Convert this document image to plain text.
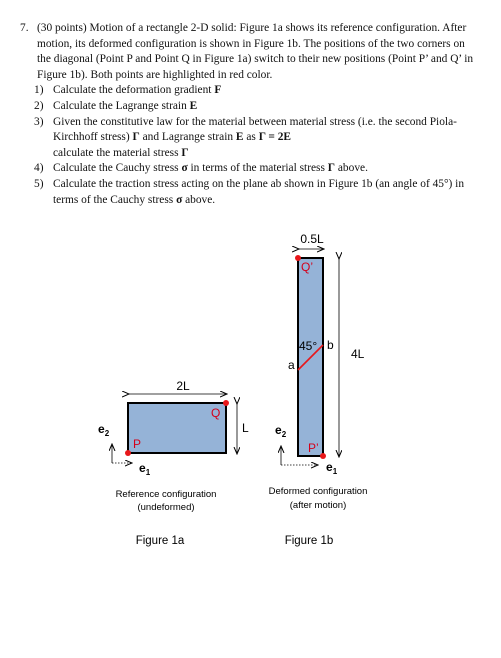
7. (30 points) Motion of a rectangle 2-D solid: Figure 1a shows its reference configuration. After motion, its deformed configuration is shown in Figure 1b. The positions of the two corners on the diagonal (Point P and Point Q in Figure 1a) switch to their new positions (Point P’ and Q’ in Figure 1b). Both points are highlighted in red color.
1) Calculate the deformation gradient F
2) Calculate the Lagrange strain E
3) Given the constitutive law for the material between material stress (i.e. the second Piola-Kirchhoff stress) Γ and Lagrange strain E as Γ = 2E
calculate the material stress Γ
4) Calculate the Cauchy stress σ in terms of the material stress Γ above.
5) Calculate the traction stress acting on the plane ab shown in Figure 1b (an angle of 45°) in terms of the Cauchy stress σ above.
2L
L
P
Q
$e_2$
$e_1$
Reference configuration
(undeformed)
Figure 1a
0.5L
4L
45°
a
b
Q’
P’
$e_2$
$e_1$
Deformed configuration
(after motion)
Figure 1b
